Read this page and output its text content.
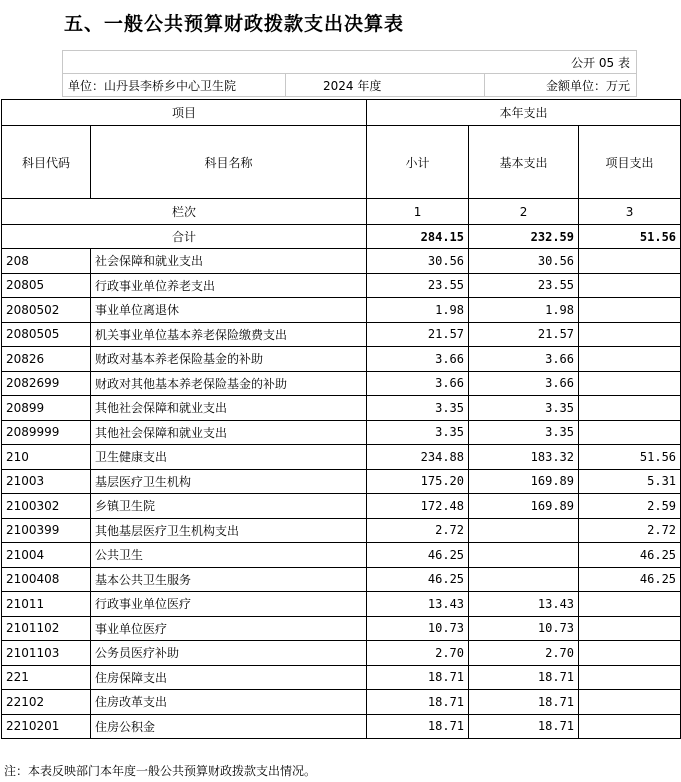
五、一般公共预算财政拨款支出决算表
公开 05 表
单位：山丹县李桥乡中心卫生院	2024 年度	金额单位：万元
项目		本年支出		
科目代码	科目名称	小计	基本支出	项目支出
栏次		1	2	3
合计		284.15	232.59	51.56
208	社会保障和就业支出	30.56	30.56	
20805	行政事业单位养老支出	23.55	23.55	
2080502	事业单位离退休	1.98	1.98	
2080505	机关事业单位基本养老保险缴费支出	21.57	21.57	
20826	财政对基本养老保险基金的补助	3.66	3.66	
2082699	财政对其他基本养老保险基金的补助	3.66	3.66	
20899	其他社会保障和就业支出	3.35	3.35	
2089999	其他社会保障和就业支出	3.35	3.35	
210	卫生健康支出	234.88	183.32	51.56
21003	基层医疗卫生机构	175.20	169.89	5.31
2100302	乡镇卫生院	172.48	169.89	2.59
2100399	其他基层医疗卫生机构支出	2.72		2.72
21004	公共卫生	46.25		46.25
2100408	基本公共卫生服务	46.25		46.25
21011	行政事业单位医疗	13.43	13.43	
2101102	事业单位医疗	10.73	10.73	
2101103	公务员医疗补助	2.70	2.70	
221	住房保障支出	18.71	18.71	
22102	住房改革支出	18.71	18.71	
2210201	住房公积金	18.71	18.71	
注：本表反映部门本年度一般公共预算财政拨款支出情况。
